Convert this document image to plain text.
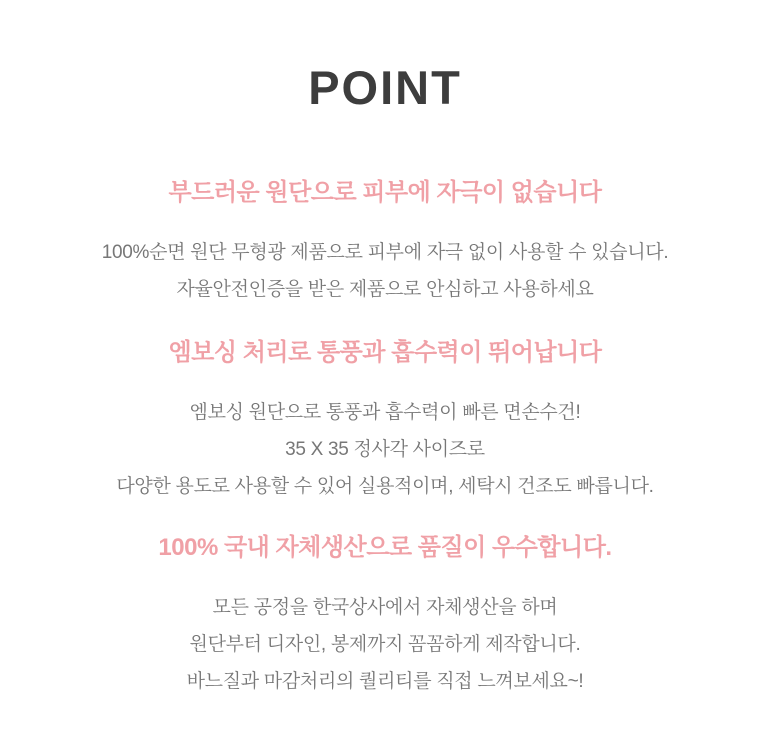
POINT
부드러운 원단으로 피부에 자극이 없습니다
100%순면 원단 무형광 제품으로 피부에 자극 없이 사용할 수 있습니다.
자율안전인증을 받은 제품으로 안심하고 사용하세요
엠보싱 처리로 통풍과 흡수력이 뛰어납니다
엠보싱 원단으로 통풍과 흡수력이 빠른 면손수건!
35 X 35 정사각 사이즈로
다양한 용도로 사용할 수 있어 실용적이며, 세탁시 건조도 빠릅니다.
100% 국내 자체생산으로 품질이 우수합니다.
모든 공정을 한국상사에서 자체생산을 하며
원단부터 디자인, 봉제까지 꼼꼼하게 제작합니다.
바느질과 마감처리의 퀄리티를 직접 느껴보세요~!
